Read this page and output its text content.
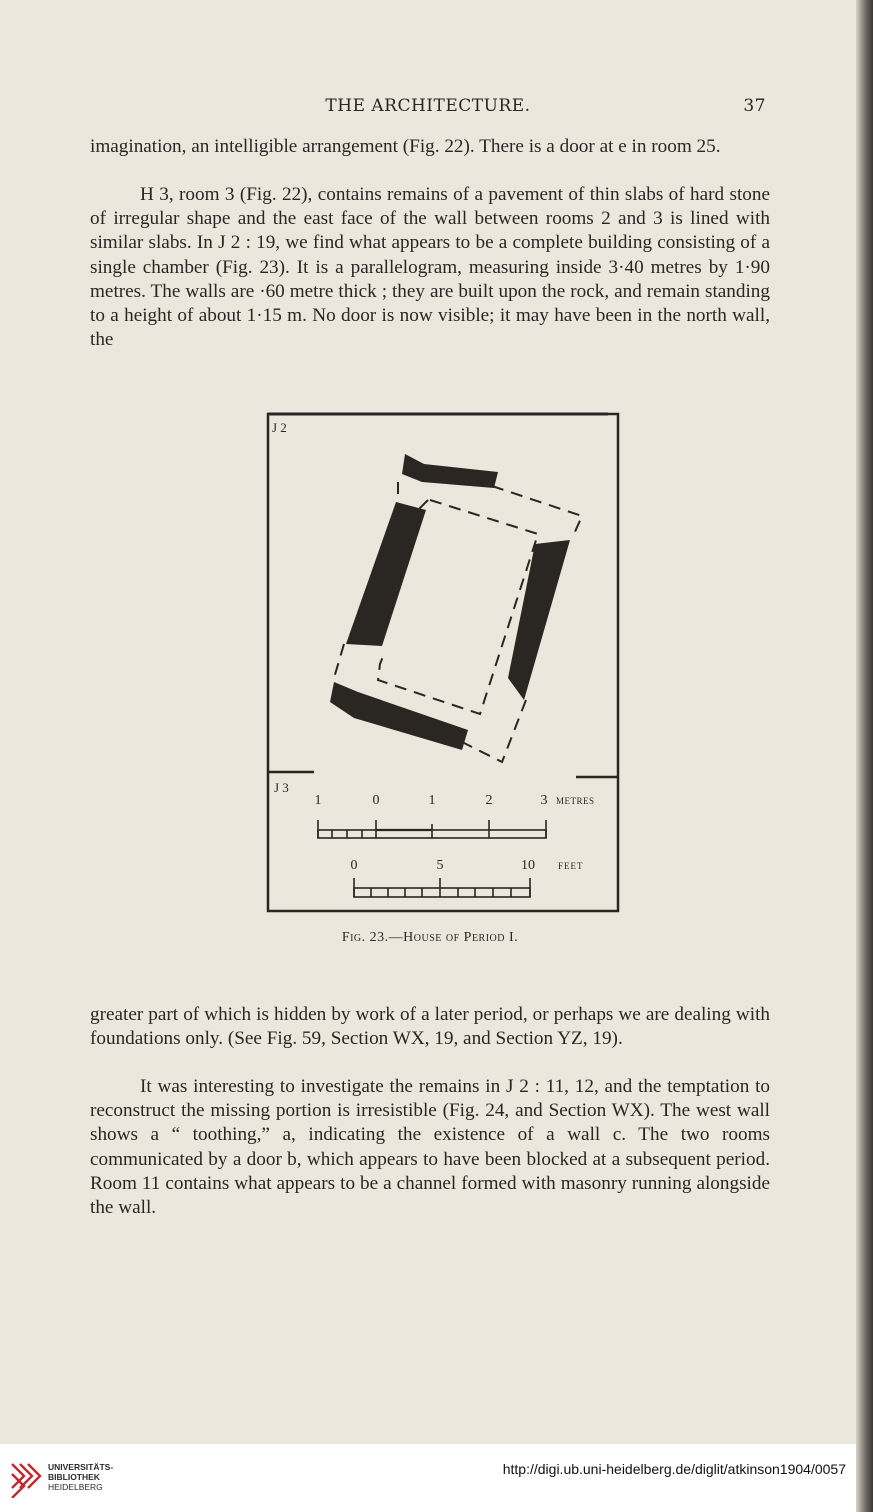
THE ARCHITECTURE.	37

imagination, an intelligible arrangement (Fig. 22). There is a door at e in room 25.

H 3, room 3 (Fig. 22), contains remains of a pavement of thin slabs of hard stone of irregular shape and the east face of the wall between rooms 2 and 3 is lined with similar slabs. In J 2 : 19, we find what appears to be a complete building consisting of a single chamber (Fig. 23). It is a parallelogram, measuring inside 3·40 metres by 1·90 metres. The walls are ·60 metre thick ; they are built upon the rock, and remain standing to a height of about 1·15 m. No door is now visible; it may have been in the north wall, the

J 2
J 3
1	0	1	2	3 METRES
0	5	10	FEET
Fig. 23.—House of Period I.

greater part of which is hidden by work of a later period, or perhaps we are dealing with foundations only. (See Fig. 59, Section WX, 19, and Section YZ, 19).

It was interesting to investigate the remains in J 2 : 11, 12, and the temptation to reconstruct the missing portion is irresistible (Fig. 24, and Section WX). The west wall shows a “ toothing,” a, indicating the existence of a wall c. The two rooms communicated by a door b, which appears to have been blocked at a subsequent period. Room 11 contains what appears to be a channel formed with masonry running alongside the wall.

UNIVERSITÄTS-
BIBLIOTHEK
HEIDELBERG
http://digi.ub.uni-heidelberg.de/diglit/atkinson1904/0057
